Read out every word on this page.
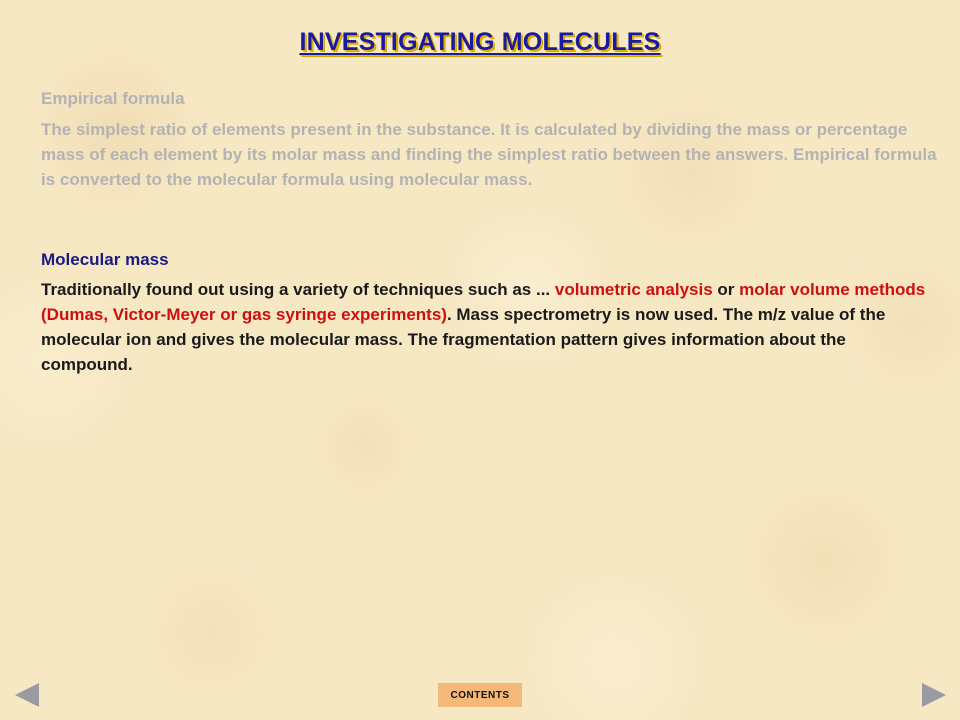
INVESTIGATING MOLECULES

Empirical formula

The simplest ratio of elements present in the substance. It is calculated by dividing the mass or percentage mass of each element by its molar mass and finding the simplest ratio between the answers. Empirical formula is converted to the molecular formula using molecular mass.

Molecular mass

Traditionally found out using a variety of techniques such as ... volumetric analysis or molar volume methods (Dumas, Victor-Meyer or gas syringe experiments). Mass spectrometry is now used. The m/z value of the molecular ion and gives the molecular mass. The fragmentation pattern gives information about the compound.

CONTENTS
